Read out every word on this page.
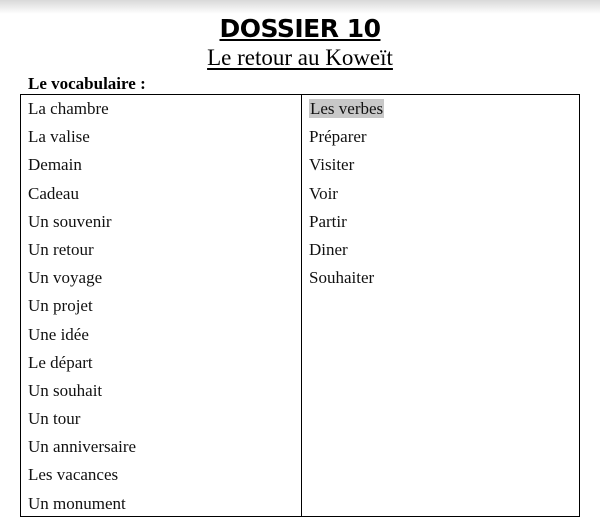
DOSSIER 10
Le retour au Koweït
Le vocabulaire :
La chambre
La valise
Demain
Cadeau
Un souvenir
Un retour
Un voyage
Un projet
Une idée
Le départ
Un souhait
Un tour
Un anniversaire
Les vacances
Un monument
Les verbes
Préparer
Visiter
Voir
Partir
Diner
Souhaiter
